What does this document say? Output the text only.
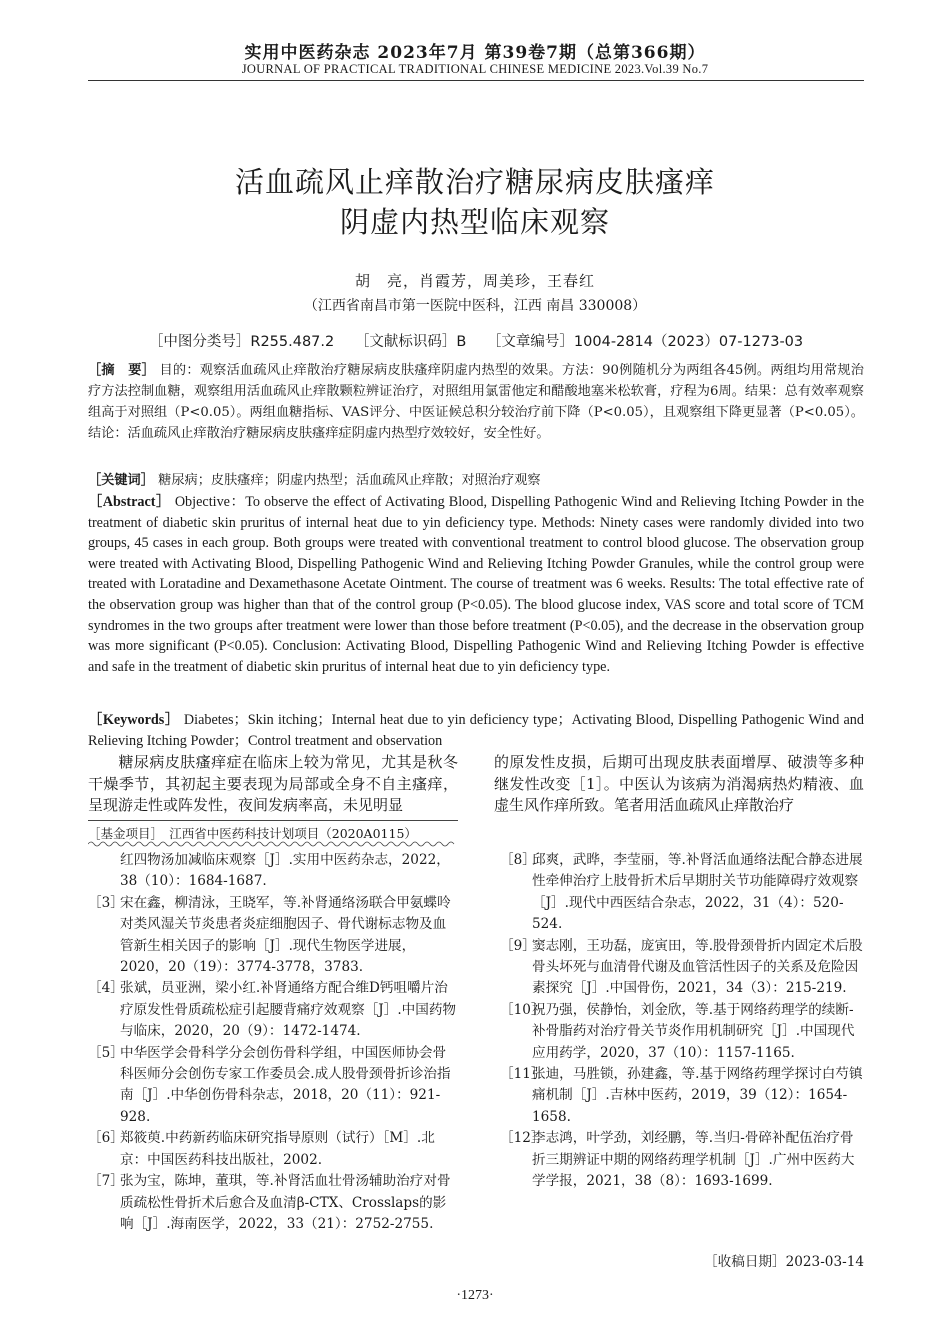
实用中医药杂志 2023年7月 第39卷7期（总第366期）
JOURNAL OF PRACTICAL TRADITIONAL CHINESE MEDICINE 2023.Vol.39 No.7
活血疏风止痒散治疗糖尿病皮肤瘙痒
阴虚内热型临床观察
胡　亮，肖霞芳，周美珍，王春红
（江西省南昌市第一医院中医科，江西 南昌 330008）
［中图分类号］R255.487.2 ［文献标识码］B ［文章编号］1004-2814（2023）07-1273-03
［摘　要］ 目的：观察活血疏风止痒散治疗糖尿病皮肤瘙痒阴虚内热型的效果。方法：90例随机分为两组各45例。两组均用常规治疗方法控制血糖，观察组用活血疏风止痒散颗粒辨证治疗，对照组用氯雷他定和醋酸地塞米松软膏，疗程为6周。结果：总有效率观察组高于对照组（P<0.05）。两组血糖指标、VAS评分、中医证候总积分较治疗前下降（P<0.05），且观察组下降更显著（P<0.05）。结论：活血疏风止痒散治疗糖尿病皮肤瘙痒症阴虚内热型疗效较好，安全性好。
［关键词］ 糖尿病；皮肤瘙痒；阴虚内热型；活血疏风止痒散；对照治疗观察
［Abstract］ Objective：To observe the effect of Activating Blood, Dispelling Pathogenic Wind and Relieving Itching Powder in the treatment of diabetic skin pruritus of internal heat due to yin deficiency type. Methods: Ninety cases were randomly divided into two groups, 45 cases in each group. Both groups were treated with conventional treatment to control blood glucose. The observation group were treated with Activating Blood, Dispelling Pathogenic Wind and Relieving Itching Powder Granules, while the control group were treated with Loratadine and Dexamethasone Acetate Ointment. The course of treatment was 6 weeks. Results: The total effective rate of the observation group was higher than that of the control group (P<0.05). The blood glucose index, VAS score and total score of TCM syndromes in the two groups after treatment were lower than those before treatment (P<0.05), and the decrease in the observation group was more significant (P<0.05). Conclusion: Activating Blood, Dispelling Pathogenic Wind and Relieving Itching Powder is effective and safe in the treatment of diabetic skin pruritus of internal heat due to yin deficiency type.
［Keywords］ Diabetes；Skin itching；Internal heat due to yin deficiency type；Activating Blood, Dispelling Pathogenic Wind and Relieving Itching Powder；Control treatment and observation
糖尿病皮肤瘙痒症在临床上较为常见，尤其是秋冬干燥季节，其初起主要表现为局部或全身不自主瘙痒，呈现游走性或阵发性，夜间发病率高，未见明显
的原发性皮损，后期可出现皮肤表面增厚、破溃等多种继发性改变［1］。中医认为该病为消渴病热灼精液、血虚生风作痒所致。笔者用活血疏风止痒散治疗
［基金项目］　江西省中医药科技计划项目（2020A0115）
红四物汤加减临床观察［J］.实用中医药杂志，2022，38（10）：1684-1687.
［3］
宋在鑫，柳清泳，王晓军，等.补肾通络汤联合甲氨蝶呤对类风湿关节炎患者炎症细胞因子、骨代谢标志物及血管新生相关因子的影响［J］.现代生物医学进展，2020，20（19）：3774-3778，3783.
［4］
张斌，员亚洲，梁小红.补肾通络方配合维D钙咀嚼片治疗原发性骨质疏松症引起腰背痛疗效观察［J］.中国药物与临床，2020，20（9）：1472-1474.
［5］
中华医学会骨科学分会创伤骨科学组，中国医师协会骨科医师分会创伤专家工作委员会.成人股骨颈骨折诊治指南［J］.中华创伤骨科杂志，2018，20（11）：921-928.
［6］
郑筱萸.中药新药临床研究指导原则（试行）［M］.北京：中国医药科技出版社，2002.
［7］
张为宝，陈坤，董琪，等.补肾活血壮骨汤辅助治疗对骨质疏松性骨折术后愈合及血清β-CTX、Crosslaps的影响［J］.海南医学，2022，33（21）：2752-2755.
［8］
邱爽，武晔，李莹丽，等.补肾活血通络法配合静态进展性牵伸治疗上肢骨折术后早期肘关节功能障碍疗效观察［J］.现代中西医结合杂志，2022，31（4）：520-524.
［9］
窦志刚，王功磊，庞寅田，等.股骨颈骨折内固定术后股骨头坏死与血清骨代谢及血管活性因子的关系及危险因素探究［J］.中国骨伤，2021，34（3）：215-219.
［10］
祝乃强，侯静怡，刘金欣，等.基于网络药理学的续断-补骨脂药对治疗骨关节炎作用机制研究［J］.中国现代应用药学，2020，37（10）：1157-1165.
［11］
张迪，马胜锁，孙建鑫，等.基于网络药理学探讨白芍镇痛机制［J］.吉林中医药，2019，39（12）：1654-1658.
［12］
李志鸿，叶学劲，刘经鹏，等.当归-骨碎补配伍治疗骨折三期辨证中期的网络药理学机制［J］.广州中医药大学学报，2021，38（8）：1693-1699.
［收稿日期］2023-03-14
·1273·
